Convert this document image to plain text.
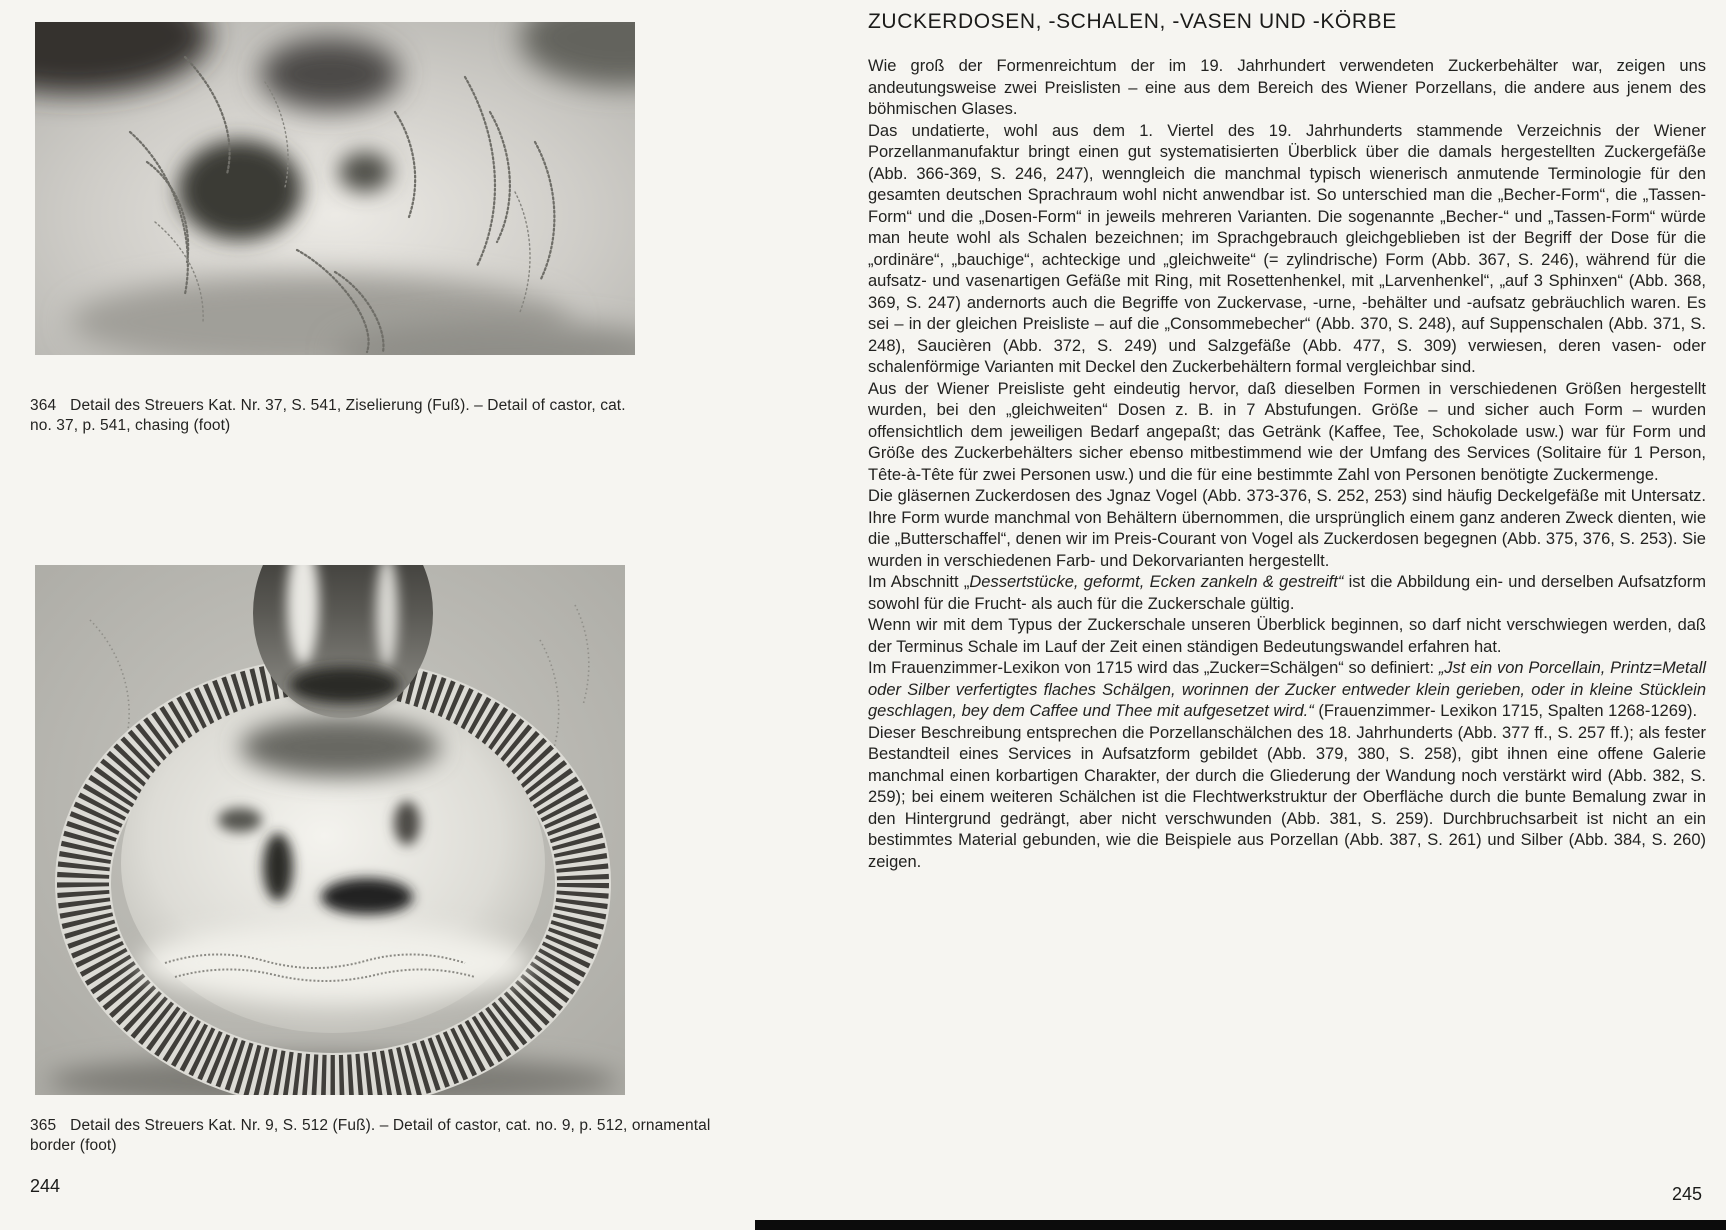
364 Detail des Streuers Kat. Nr. 37, S. 541, Ziselierung (Fuß). – Detail of castor, cat. no. 37, p. 541, chasing (foot)
365 Detail des Streuers Kat. Nr. 9, S. 512 (Fuß). – Detail of castor, cat. no. 9, p. 512, ornamental border (foot)
244
ZUCKERDOSEN, -SCHALEN, -VASEN UND -KÖRBE

Wie groß der Formenreichtum der im 19. Jahrhundert verwendeten Zuckerbehälter war, zeigen uns andeutungsweise zwei Preislisten – eine aus dem Bereich des Wiener Porzellans, die andere aus jenem des böhmischen Glases.

Das undatierte, wohl aus dem 1. Viertel des 19. Jahrhunderts stammende Verzeichnis der Wiener Porzellanmanufaktur bringt einen gut systematisierten Überblick über die damals hergestellten Zuckergefäße (Abb. 366-369, S. 246, 247), wenngleich die manchmal typisch wienerisch anmutende Terminologie für den gesamten deutschen Sprachraum wohl nicht anwendbar ist. So unterschied man die „Becher-Form“, die „Tassen-Form“ und die „Dosen-Form“ in jeweils mehreren Varianten. Die sogenannte „Becher-“ und „Tassen-Form“ würde man heute wohl als Schalen bezeichnen; im Sprachgebrauch gleichgeblieben ist der Begriff der Dose für die „ordinäre“, „bauchige“, achteckige und „gleichweite“ (= zylindrische) Form (Abb. 367, S. 246), während für die aufsatz- und vasenartigen Gefäße mit Ring, mit Rosettenhenkel, mit „Larvenhenkel“, „auf 3 Sphinxen“ (Abb. 368, 369, S. 247) andernorts auch die Begriffe von Zuckervase, -urne, -behälter und -aufsatz gebräuchlich waren. Es sei – in der gleichen Preisliste – auf die „Consommebecher“ (Abb. 370, S. 248), auf Suppenschalen (Abb. 371, S. 248), Saucièren (Abb. 372, S. 249) und Salzgefäße (Abb. 477, S. 309) verwiesen, deren vasen- oder schalenförmige Varianten mit Deckel den Zuckerbehältern formal vergleichbar sind.

Aus der Wiener Preisliste geht eindeutig hervor, daß dieselben Formen in verschiedenen Größen hergestellt wurden, bei den „gleichweiten“ Dosen z. B. in 7 Abstufungen. Größe – und sicher auch Form – wurden offensichtlich dem jeweiligen Bedarf angepaßt; das Getränk (Kaffee, Tee, Schokolade usw.) war für Form und Größe des Zuckerbehälters sicher ebenso mitbestimmend wie der Umfang des Services (Solitaire für 1 Person, Tête-à-Tête für zwei Personen usw.) und die für eine bestimmte Zahl von Personen benötigte Zuckermenge.

Die gläsernen Zuckerdosen des Jgnaz Vogel (Abb. 373-376, S. 252, 253) sind häufig Deckelgefäße mit Untersatz. Ihre Form wurde manchmal von Behältern übernommen, die ursprünglich einem ganz anderen Zweck dienten, wie die „Butterschaffel“, denen wir im Preis-Courant von Vogel als Zuckerdosen begegnen (Abb. 375, 376, S. 253). Sie wurden in verschiedenen Farb- und Dekorvarianten hergestellt.

Im Abschnitt „Dessertstücke, geformt, Ecken zankeln & gestreift“ ist die Abbildung ein- und derselben Aufsatzform sowohl für die Frucht- als auch für die Zuckerschale gültig.

Wenn wir mit dem Typus der Zuckerschale unseren Überblick beginnen, so darf nicht verschwiegen werden, daß der Terminus Schale im Lauf der Zeit einen ständigen Bedeutungswandel erfahren hat.

Im Frauenzimmer-Lexikon von 1715 wird das „Zucker=Schälgen“ so definiert: „Jst ein von Porcellain, Printz=Metall oder Silber verfertigtes flaches Schälgen, worinnen der Zucker entweder klein gerieben, oder in kleine Stücklein geschlagen, bey dem Caffee und Thee mit aufgesetzet wird.“ (Frauenzimmer- Lexikon 1715, Spalten 1268-1269).

Dieser Beschreibung entsprechen die Porzellanschälchen des 18. Jahrhunderts (Abb. 377 ff., S. 257 ff.); als fester Bestandteil eines Services in Aufsatzform gebildet (Abb. 379, 380, S. 258), gibt ihnen eine offene Galerie manchmal einen korbartigen Charakter, der durch die Gliederung der Wandung noch verstärkt wird (Abb. 382, S. 259); bei einem weiteren Schälchen ist die Flechtwerkstruktur der Oberfläche durch die bunte Bemalung zwar in den Hintergrund gedrängt, aber nicht verschwunden (Abb. 381, S. 259). Durchbruchsarbeit ist nicht an ein bestimmtes Material gebunden, wie die Beispiele aus Porzellan (Abb. 387, S. 261) und Silber (Abb. 384, S. 260) zeigen.

245
